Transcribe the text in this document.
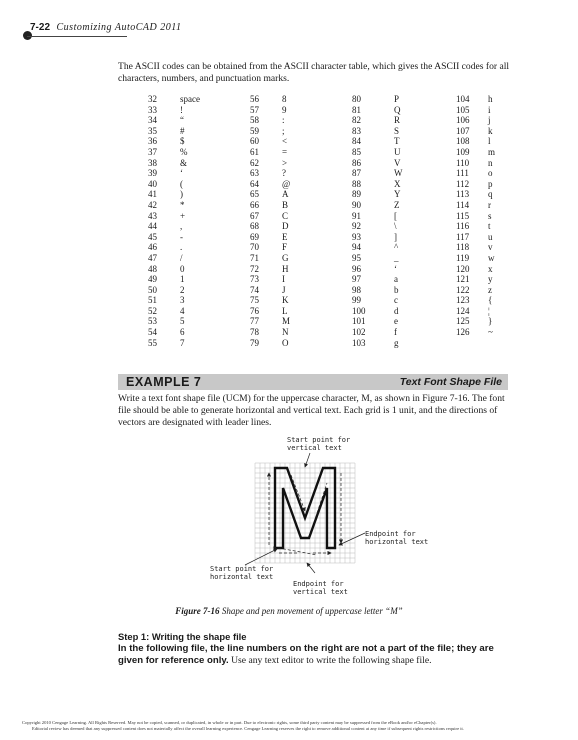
7-22 Customizing AutoCAD 2011

The ASCII codes can be obtained from the ASCII character table, which gives the ASCII codes for all characters, numbers, and punctuation marks.

32	space	56	8	80	P	104	h
33	!	57	9	81	Q	105	i
34	“	58	:	82	R	106	j
35	#	59	;	83	S	107	k
36	$	60	<	84	T	108	l
37	%	61	=	85	U	109	m
38	&	62	>	86	V	110	n
39	‘	63	?	87	W	111	o
40	(	64	@	88	X	112	p
41	)	65	A	89	Y	113	q
42	*	66	B	90	Z	114	r
43	+	67	C	91	[	115	s
44	,	68	D	92	\	116	t
45	-	69	E	93	]	117	u
46	.	70	F	94	^	118	v
47	/	71	G	95	_	119	w
48	0	72	H	96	‘	120	x
49	1	73	I	97	a	121	y
50	2	74	J	98	b	122	z
51	3	75	K	99	c	123	{
52	4	76	L	100	d	124	¦
53	5	77	M	101	e	125	}
54	6	78	N	102	f	126	~
55	7	79	O	103	g		
EXAMPLE 7	Text Font Shape File

Write a text font shape file (UCM) for the uppercase character, M, as shown in Figure 7-16. The font file should be able to generate horizontal and vertical text. Each grid is 1 unit, and the directions of vectors are designated with leader lines.

Start point for
vertical text
Endpoint for
horizontal text
Start point for
horizontal text
Endpoint for
vertical text
Figure 7-16 Shape and pen movement of uppercase letter “M”
Step 1: Writing the shape file

In the following file, the line numbers on the right are not a part of the file; they are given for reference only. Use any text editor to write the following shape file.

Copyright 2010 Cengage Learning. All Rights Reserved. May not be copied, scanned, or duplicated, in whole or in part. Due to electronic rights, some third party content may be suppressed from the eBook and/or eChapter(s).
Editorial review has deemed that any suppressed content does not materially affect the overall learning experience. Cengage Learning reserves the right to remove additional content at any time if subsequent rights restrictions require it.
